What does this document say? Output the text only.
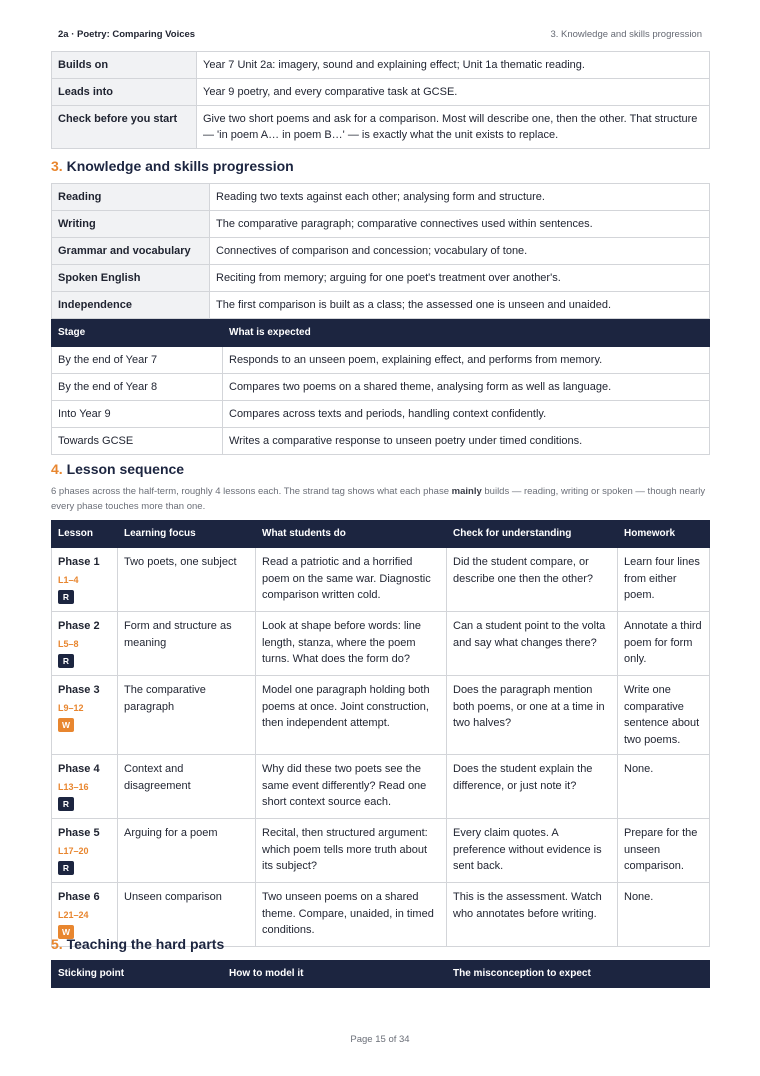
2a · Poetry: Comparing Voices	3. Knowledge and skills progression
Builds on	Year 7 Unit 2a: imagery, sound and explaining effect; Unit 1a thematic reading.
Leads into	Year 9 poetry, and every comparative task at GCSE.
Check before you start	Give two short poems and ask for a comparison. Most will describe one, then the other. That structure — 'in poem A… in poem B…' — is exactly what the unit exists to replace.
3. Knowledge and skills progression
Reading	Reading two texts against each other; analysing form and structure.
Writing	The comparative paragraph; comparative connectives used within sentences.
Grammar and vocabulary	Connectives of comparison and concession; vocabulary of tone.
Spoken English	Reciting from memory; arguing for one poet's treatment over another's.
Independence	The first comparison is built as a class; the assessed one is unseen and unaided.
Stage	What is expected
By the end of Year 7	Responds to an unseen poem, explaining effect, and performs from memory.
By the end of Year 8	Compares two poems on a shared theme, analysing form as well as language.
Into Year 9	Compares across texts and periods, handling context confidently.
Towards GCSE	Writes a comparative response to unseen poetry under timed conditions.
4. Lesson sequence

6 phases across the half-term, roughly 4 lessons each. The strand tag shows what each phase mainly builds — reading, writing or spoken — though nearly every phase touches more than one.

Lesson	Learning focus	What students do	Check for understanding	Homework

Phase 1
L1–4
R	Two poets, one subject	Read a patriotic and a horrified poem on the same war. Diagnostic comparison written cold.	Did the student compare, or describe one then the other?	Learn four lines from either poem.

Phase 2
L5–8
R	Form and structure as meaning	Look at shape before words: line length, stanza, where the poem turns. What does the form do?	Can a student point to the volta and say what changes there?	Annotate a third poem for form only.

Phase 3
L9–12
W	The comparative paragraph	Model one paragraph holding both poems at once. Joint construction, then independent attempt.	Does the paragraph mention both poems, or one at a time in two halves?	Write one comparative sentence about two poems.

Phase 4
L13–16
R	Context and disagreement	Why did these two poets see the same event differently? Read one short context source each.	Does the student explain the difference, or just note it?	None.

Phase 5
L17–20
R	Arguing for a poem	Recital, then structured argument: which poem tells more truth about its subject?	Every claim quotes. A preference without evidence is sent back.	Prepare for the unseen comparison.

Phase 6
L21–24
W	Unseen comparison	Two unseen poems on a shared theme. Compare, unaided, in timed conditions.	This is the assessment. Watch who annotates before writing.	None.
5. Teaching the hard parts
Sticking point	How to model it	The misconception to expect
Page 15 of 34
